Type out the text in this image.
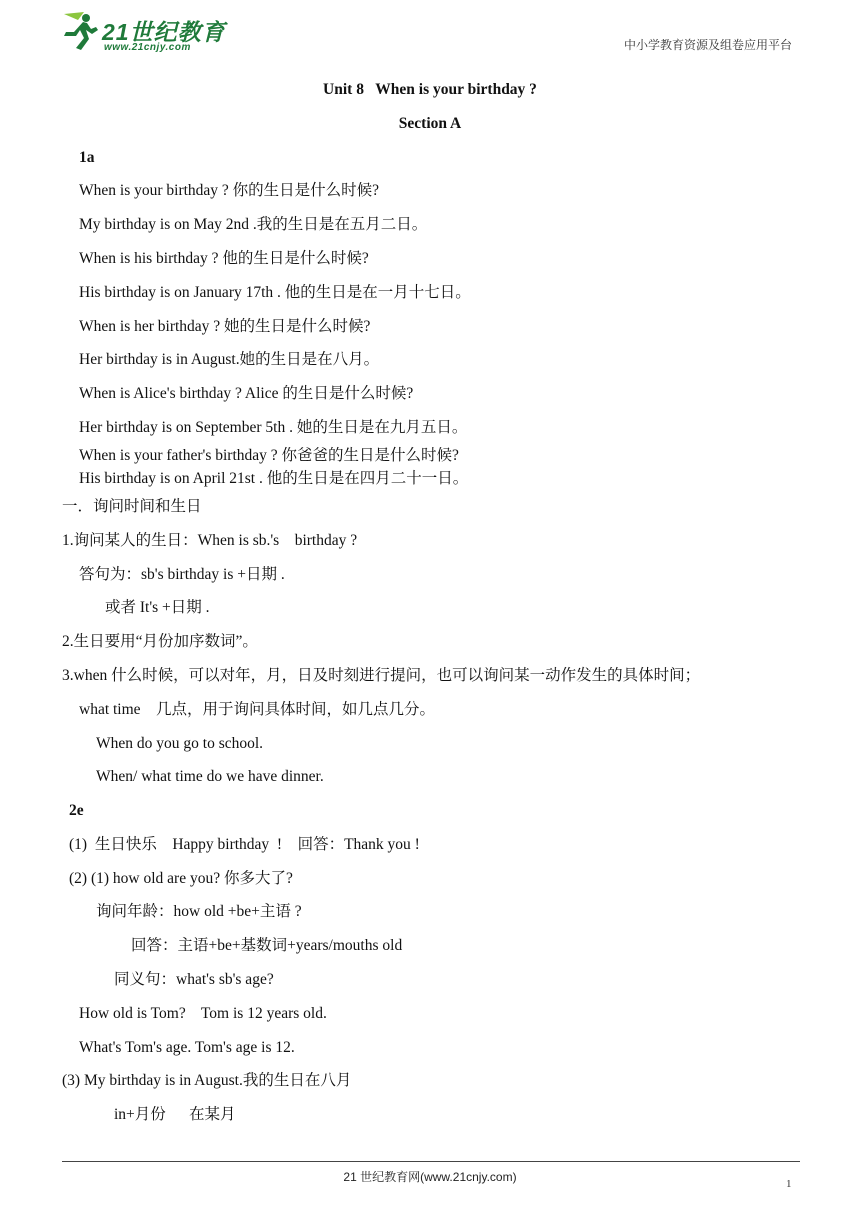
21世纪教育
www.21cnjy.com	中小学教育资源及组卷应用平台
Unit 8   When is your birthday ?
Section A
1a
When is your birthday ? 你的生日是什么时候?
My birthday is on May 2nd .我的生日是在五月二日。
When is his birthday ? 他的生日是什么时候?
His birthday is on January 17th . 他的生日是在一月十七日。
When is her birthday ? 她的生日是什么时候?
Her birthday is in August.她的生日是在八月。
When is Alice's birthday ? Alice 的生日是什么时候?
Her birthday is on September 5th . 她的生日是在九月五日。
When is your father's birthday ? 你爸爸的生日是什么时候?
His birthday is on April 21st . 他的生日是在四月二十一日。
一．询问时间和生日
1.询问某人的生日：When is sb.'s    birthday ?
答句为：sb's birthday is +日期 .
或者 It's +日期 .
2.生日要用“月份加序数词”。
3.when 什么时候，可以对年，月，日及时刻进行提问，也可以询问某一动作发生的具体时间；
what time    几点，用于询问具体时间，如几点几分。
When do you go to school.
When/ what time do we have dinner.
2e
(1)  生日快乐    Happy birthday  !    回答：Thank you !
(2) (1) how old are you? 你多大了?
询问年龄：how old +be+主语 ?
回答：主语+be+基数词+years/mouths old
同义句：what's sb's age?
How old is Tom?    Tom is 12 years old.
What's Tom's age. Tom's age is 12.
(3) My birthday is in August.我的生日在八月
in+月份      在某月
21 世纪教育网(www.21cnjy.com)	1
